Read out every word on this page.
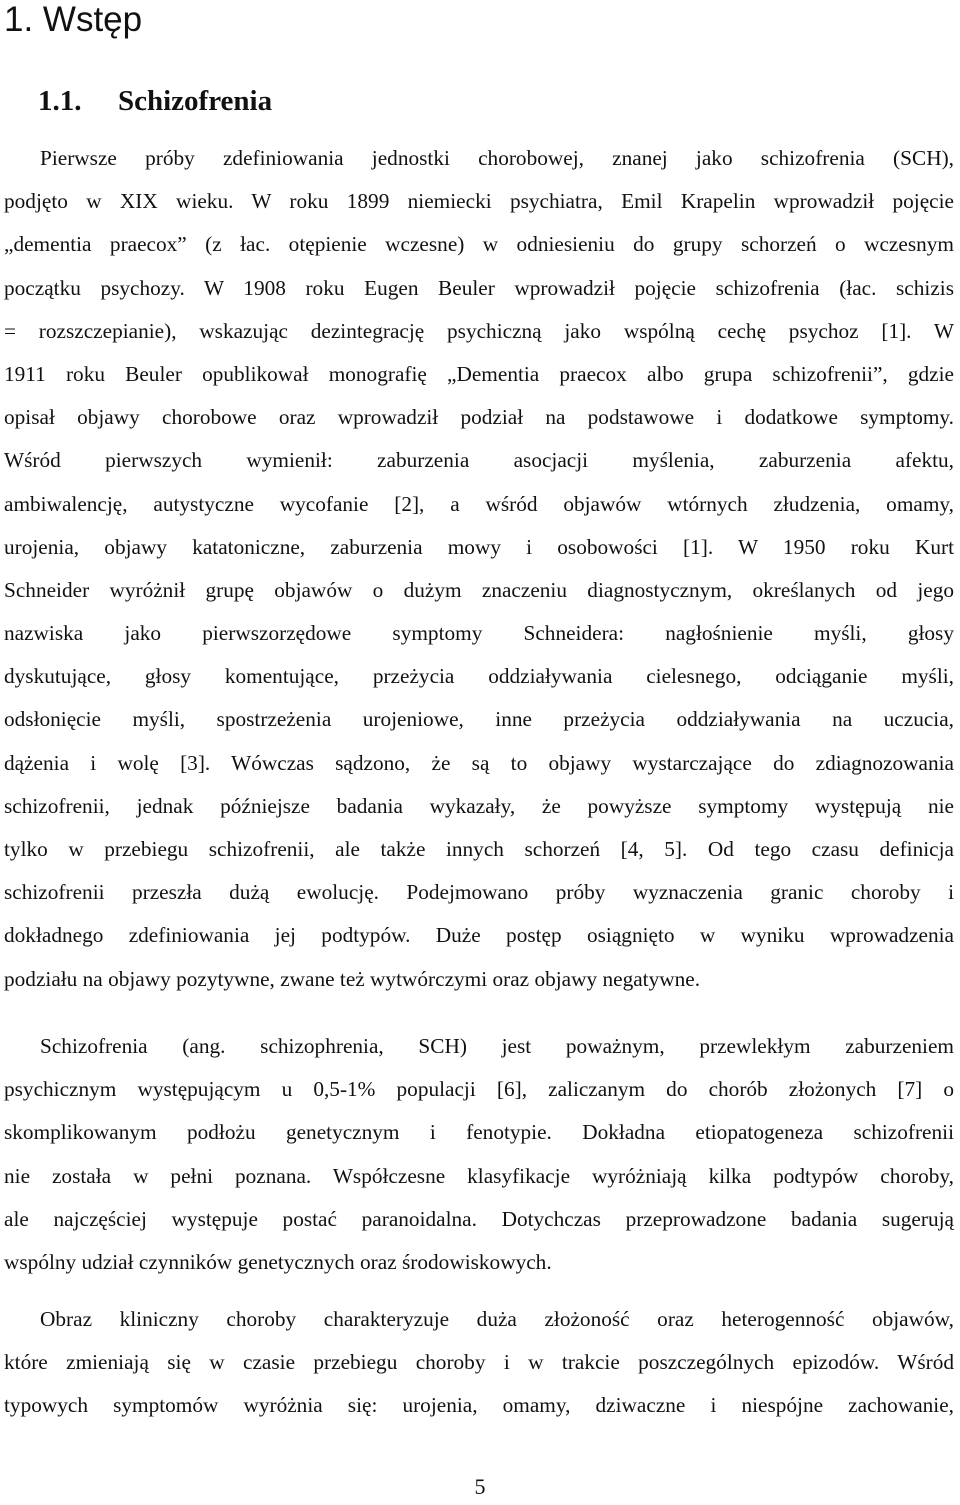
1. Wstęp
1.1. Schizofrenia
Pierwsze próby zdefiniowania jednostki chorobowej, znanej jako schizofrenia (SCH),
podjęto w XIX wieku. W roku 1899 niemiecki psychiatra, Emil Krapelin wprowadził pojęcie
„dementia praecox” (z łac. otępienie wczesne) w odniesieniu do grupy schorzeń o wczesnym
początku psychozy. W 1908 roku Eugen Beuler wprowadził pojęcie schizofrenia (łac. schizis
= rozszczepianie), wskazując dezintegrację psychiczną jako wspólną cechę psychoz [1]. W
1911 roku Beuler opublikował monografię „Dementia praecox albo grupa schizofrenii”, gdzie
opisał objawy chorobowe oraz wprowadził podział na podstawowe i dodatkowe symptomy.
Wśród pierwszych wymienił: zaburzenia asocjacji myślenia, zaburzenia afektu,
ambiwalencję, autystyczne wycofanie [2], a wśród objawów wtórnych złudzenia, omamy,
urojenia, objawy katatoniczne, zaburzenia mowy i osobowości [1]. W 1950 roku Kurt
Schneider wyróżnił grupę objawów o dużym znaczeniu diagnostycznym, określanych od jego
nazwiska jako pierwszorzędowe symptomy Schneidera: nagłośnienie myśli, głosy
dyskutujące, głosy komentujące, przeżycia oddziaływania cielesnego, odciąganie myśli,
odsłonięcie myśli, spostrzeżenia urojeniowe, inne przeżycia oddziaływania na uczucia,
dążenia i wolę [3]. Wówczas sądzono, że są to objawy wystarczające do zdiagnozowania
schizofrenii, jednak późniejsze badania wykazały, że powyższe symptomy występują nie
tylko w przebiegu schizofrenii, ale także innych schorzeń [4, 5]. Od tego czasu definicja
schizofrenii przeszła dużą ewolucję. Podejmowano próby wyznaczenia granic choroby i
dokładnego zdefiniowania jej podtypów. Duże postęp osiągnięto w wyniku wprowadzenia
podziału na objawy pozytywne, zwane też wytwórczymi oraz objawy negatywne.
Schizofrenia (ang. schizophrenia, SCH) jest poważnym, przewlekłym zaburzeniem
psychicznym występującym u 0,5-1% populacji [6], zaliczanym do chorób złożonych [7] o
skomplikowanym podłożu genetycznym i fenotypie. Dokładna etiopatogeneza schizofrenii
nie została w pełni poznana. Współczesne klasyfikacje wyróżniają kilka podtypów choroby,
ale najczęściej występuje postać paranoidalna. Dotychczas przeprowadzone badania sugerują
wspólny udział czynników genetycznych oraz środowiskowych.
Obraz kliniczny choroby charakteryzuje duża złożoność oraz heterogenność objawów,
które zmieniają się w czasie przebiegu choroby i w trakcie poszczególnych epizodów. Wśród
typowych symptomów wyróżnia się: urojenia, omamy, dziwaczne i niespójne zachowanie,
5
